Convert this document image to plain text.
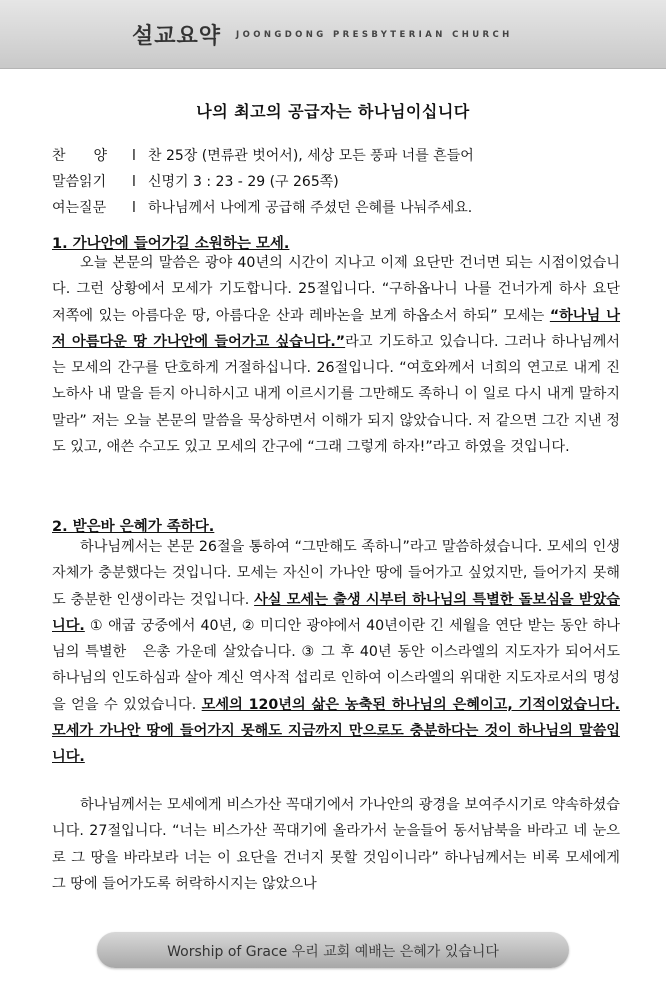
설교요약 JOONGDONG PRESBYTERIAN CHURCH
나의 최고의 공급자는 하나님이십니다
찬　　양 l 찬 25장 (면류관 벗어서), 세상 모든 풍파 너를 흔들어
말씀읽기 l 신명기 3 : 23 - 29 (구 265쪽)
여는질문 l 하나님께서 나에게 공급해 주셨던 은혜를 나눠주세요.
1. 가나안에 들어가길 소원하는 모세.
오늘 본문의 말씀은 광야 40년의 시간이 지나고 이제 요단만 건너면 되는 시점이었습니다. 그런 상황에서 모세가 기도합니다. 25절입니다. “구하옵나니 나를 건너가게 하사 요단 저쪽에 있는 아름다운 땅, 아름다운 산과 레바논을 보게 하옵소서 하되” 모세는 “하나님 나 저 아름다운 땅 가나안에 들어가고 싶습니다.”라고 기도하고 있습니다. 그러나 하나님께서는 모세의 간구를 단호하게 거절하십니다. 26절입니다. “여호와께서 너희의 연고로 내게 진노하사 내 말을 듣지 아니하시고 내게 이르시기를 그만해도 족하니 이 일로 다시 내게 말하지 말라” 저는 오늘 본문의 말씀을 묵상하면서 이해가 되지 않았습니다. 저 같으면 그간 지낸 정도 있고, 애쓴 수고도 있고 모세의 간구에 “그래 그렇게 하자!”라고 하였을 것입니다.
2. 받은바 은혜가 족하다.
하나님께서는 본문 26절을 통하여 “그만해도 족하니”라고 말씀하셨습니다. 모세의 인생 자체가 충분했다는 것입니다. 모세는 자신이 가나안 땅에 들어가고 싶었지만, 들어가지 못해도 충분한 인생이라는 것입니다. 사실 모세는 출생 시부터 하나님의 특별한 돌보심을 받았습니다. ① 애굽 궁중에서 40년, ② 미디안 광야에서 40년이란 긴 세월을 연단 받는 동안 하나님의 특별한　은총 가운데 살았습니다. ③ 그 후 40년 동안 이스라엘의 지도자가 되어서도 하나님의 인도하심과 살아 계신 역사적 섭리로 인하여 이스라엘의 위대한 지도자로서의 명성을 얻을 수 있었습니다. 모세의 120년의 삶은 농축된 하나님의 은혜이고, 기적이었습니다. 모세가 가나안 땅에 들어가지 못해도 지금까지 만으로도 충분하다는 것이 하나님의 말씀입니다.
하나님께서는 모세에게 비스가산 꼭대기에서 가나안의 광경을 보여주시기로 약속하셨습니다. 27절입니다. “너는 비스가산 꼭대기에 올라가서 눈을들어 동서남북을 바라고 네 눈으로 그 땅을 바라보라 너는 이 요단을 건너지 못할 것임이니라” 하나님께서는 비록 모세에게 그 땅에 들어가도록 허락하시지는 않았으나
Worship of Grace 우리 교회 예배는 은혜가 있습니다
